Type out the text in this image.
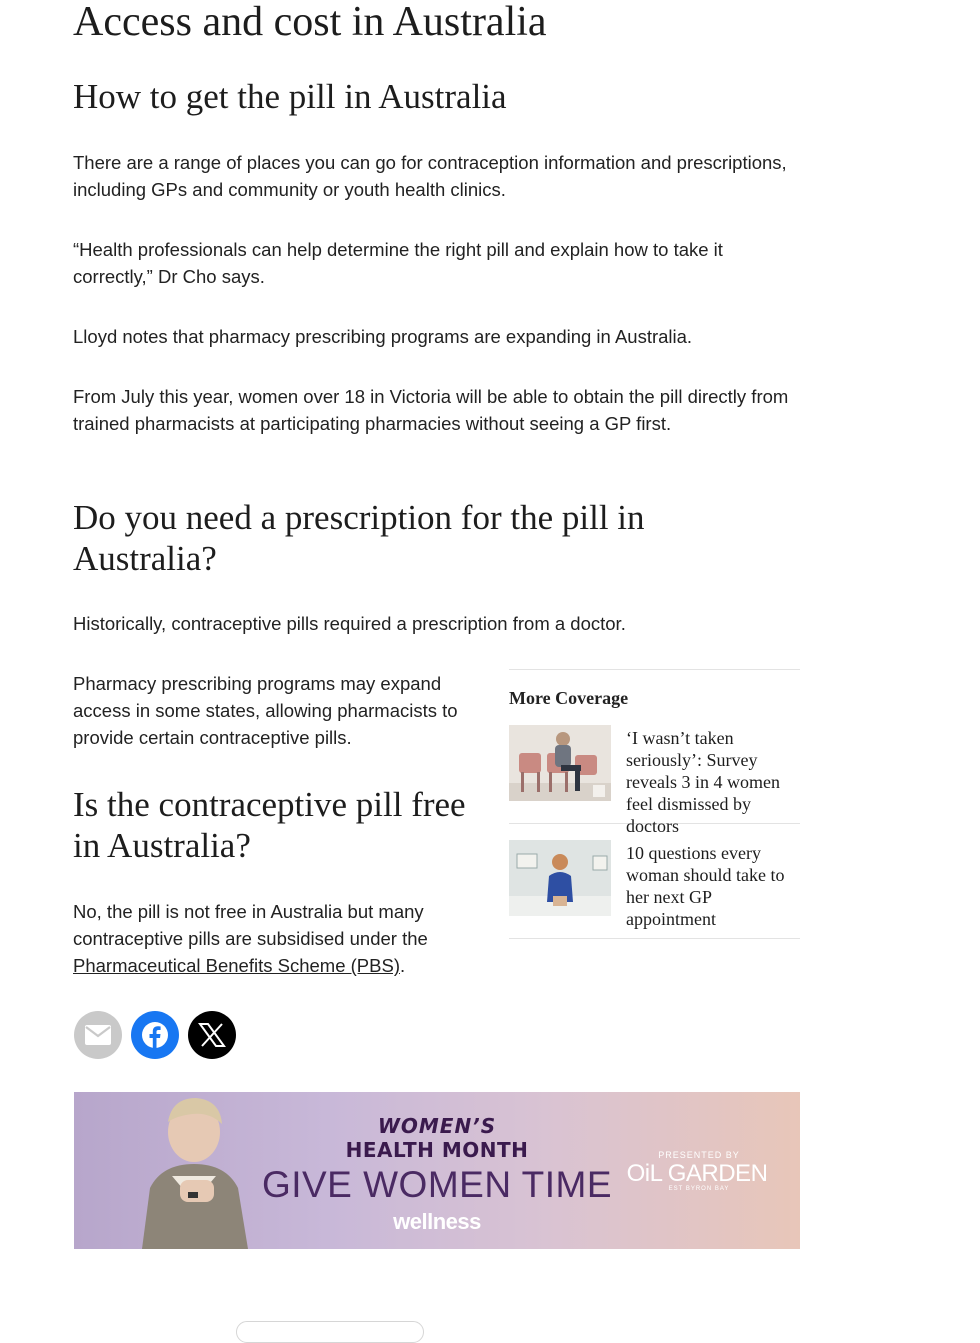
Access and cost in Australia
How to get the pill in Australia

There are a range of places you can go for contraception information and prescriptions, including GPs and community or youth health clinics.

“Health professionals can help determine the right pill and explain how to take it correctly,” Dr Cho says.

Lloyd notes that pharmacy prescribing programs are expanding in Australia.

From July this year, women over 18 in Victoria will be able to obtain the pill directly from trained pharmacists at participating pharmacies without seeing a GP first.

Do you need a prescription for the pill in Australia?

Historically, contraceptive pills required a prescription from a doctor.

Pharmacy prescribing programs may expand access in some states, allowing pharmacists to provide certain contraceptive pills.

Is the contraceptive pill free in Australia?

No, the pill is not free in Australia but many contraceptive pills are subsidised under the Pharmaceutical Benefits Scheme (PBS).

More Coverage
‘I wasn’t taken seriously’: Survey reveals 3 in 4 women feel dismissed by doctors
10 questions every woman should take to her next GP appointment
WOMEN’S
HEALTH MONTH
GIVE WOMEN TIME
wellness
PRESENTED BY
OiL GARDEN
EST BYRON BAY
